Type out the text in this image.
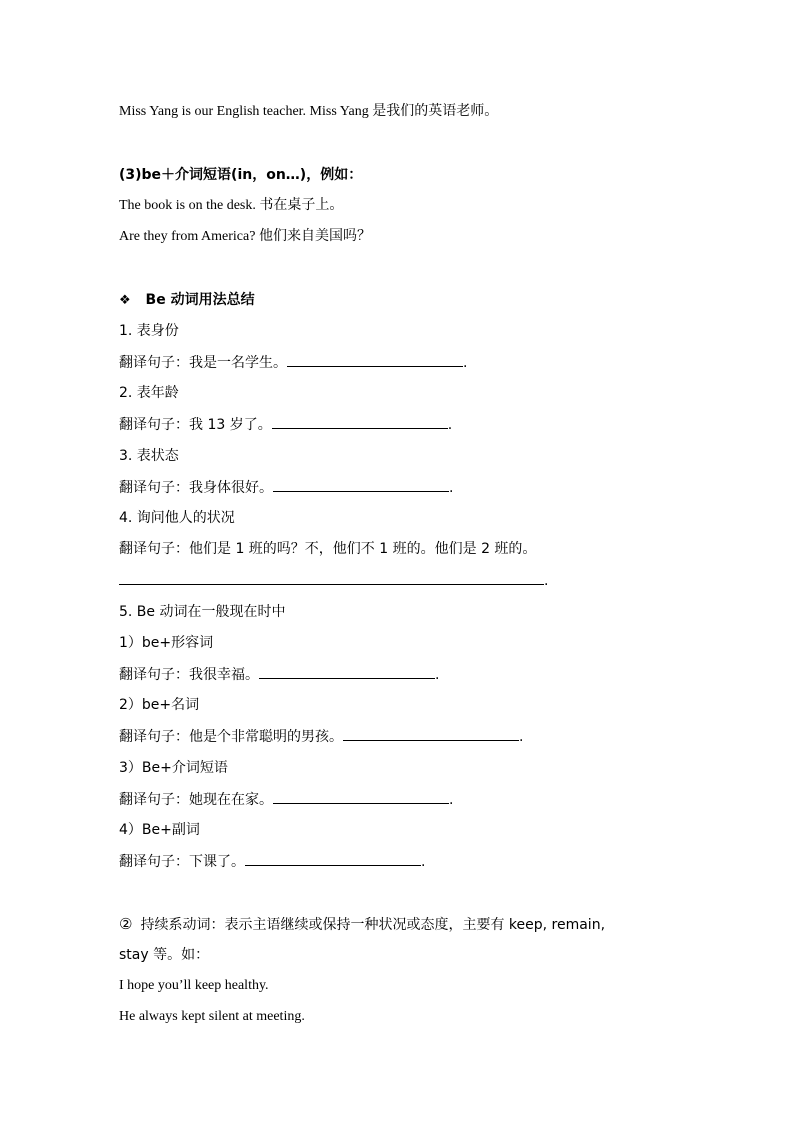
Miss Yang is our English teacher. Miss Yang 是我们的英语老师。
(3)be＋介词短语(in，on…)，例如：
The book is on the desk. 书在桌子上。
Are they from America? 他们来自美国吗？
❖ Be 动词用法总结
1. 表身份
翻译句子：我是一名学生。	.
2. 表年龄
翻译句子：我 13 岁了。	.
3. 表状态
翻译句子：我身体很好。	.
4. 询问他人的状况
翻译句子：他们是 1 班的吗？不，他们不 1 班的。他们是 2 班的。
.
5. Be 动词在一般现在时中
1）be+形容词
翻译句子：我很幸福。	.
2）be+名词
翻译句子：他是个非常聪明的男孩。	.
3）Be+介词短语
翻译句子：她现在在家。	.
4）Be+副词
翻译句子：下课了。	.
② 持续系动词：表示主语继续或保持一种状况或态度，主要有 keep, remain,
stay 等。如：
I hope you’ll keep healthy.
He always kept silent at meeting.
